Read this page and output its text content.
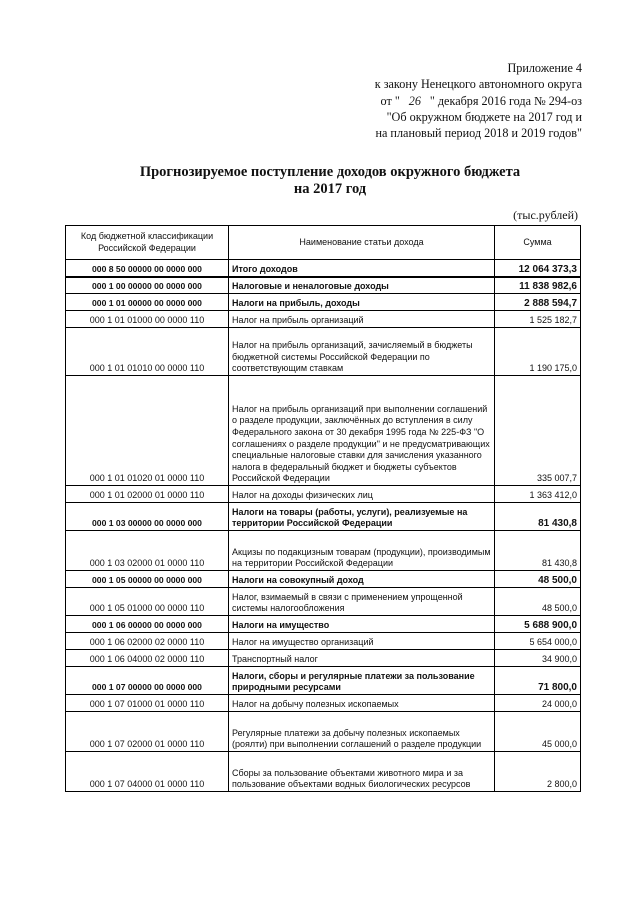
Приложение 4
к закону Ненецкого автономного округа
от " 26 " декабря 2016 года № 294-оз
"Об окружном бюджете на 2017 год и
на плановый период 2018 и 2019 годов"
Прогнозируемое поступление доходов окружного бюджета
на 2017 год
(тыс.рублей)
Код бюджетной классификации Российской Федерации	Наименование статьи дохода	Сумма
000 8 50 00000 00 0000 000	Итого доходов	12 064 373,3
000 1 00 00000 00 0000 000	Налоговые и неналоговые доходы	11 838 982,6
000 1 01 00000 00 0000 000	Налоги на прибыль, доходы	2 888 594,7
000 1 01 01000 00 0000 110	Налог на прибыль организаций	1 525 182,7
000 1 01 01010 00 0000 110	Налог на прибыль организаций, зачисляемый в бюджеты бюджетной системы Российской Федерации по соответствующим ставкам	1 190 175,0
000 1 01 01020 01 0000 110	Налог на прибыль организаций при выполнении соглашений о разделе продукции, заключённых до вступления в силу Федерального закона от 30 декабря 1995 года № 225-ФЗ "О соглашениях о разделе продукции" и не предусматривающих специальные налоговые ставки для зачисления указанного налога в федеральный бюджет и бюджеты субъектов Российской Федерации	335 007,7
000 1 01 02000 01 0000 110	Налог на доходы физических лиц	1 363 412,0
000 1 03 00000 00 0000 000	Налоги на товары (работы, услуги), реализуемые на территории Российской Федерации	81 430,8
000 1 03 02000 01 0000 110	Акцизы по подакцизным товарам (продукции), производимым на территории Российской Федерации	81 430,8
000 1 05 00000 00 0000 000	Налоги на совокупный доход	48 500,0
000 1 05 01000 00 0000 110	Налог, взимаемый в связи с применением упрощенной системы налогообложения	48 500,0
000 1 06 00000 00 0000 000	Налоги на имущество	5 688 900,0
000 1 06 02000 02 0000 110	Налог на имущество организаций	5 654 000,0
000 1 06 04000 02 0000 110	Транспортный налог	34 900,0
000 1 07 00000 00 0000 000	Налоги, сборы и регулярные платежи за пользование природными ресурсами	71 800,0
000 1 07 01000 01 0000 110	Налог на добычу полезных ископаемых	24 000,0
000 1 07 02000 01 0000 110	Регулярные платежи за добычу полезных ископаемых (роялти) при выполнении соглашений о разделе продукции	45 000,0
000 1 07 04000 01 0000 110	Сборы за пользование объектами животного мира и за пользование объектами водных биологических ресурсов	2 800,0
